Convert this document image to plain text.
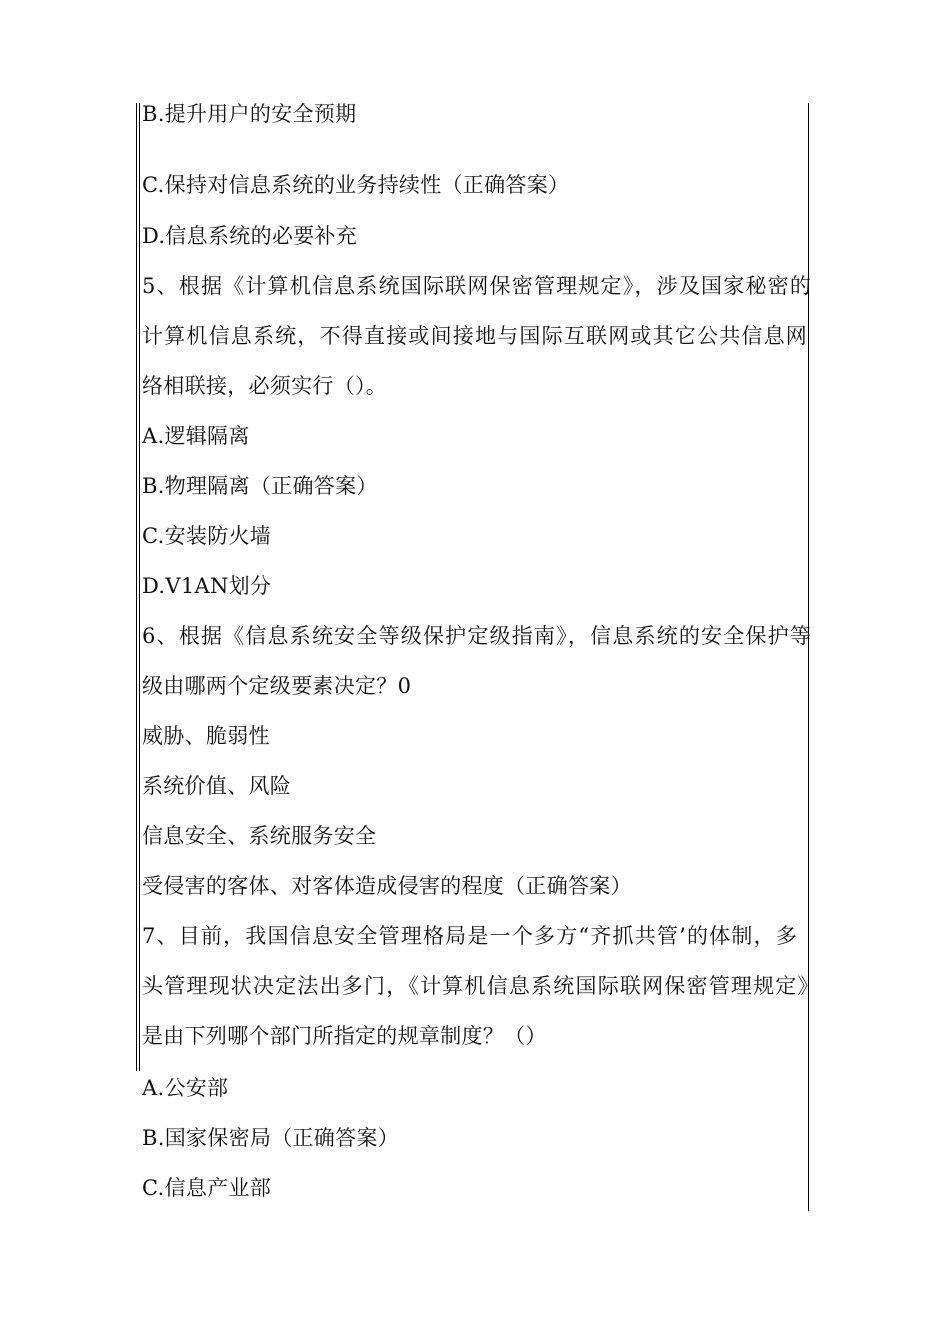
B.提升用户的安全预期
C.保持对信息系统的业务持续性（正确答案）
D.信息系统的必要补充
5、根据《计算机信息系统国际联网保密管理规定》，涉及国家秘密的
计算机信息系统，不得直接或间接地与国际互联网或其它公共信息网
络相联接，必须实行（）。
A.逻辑隔离
B.物理隔离（正确答案）
C.安装防火墙
D.V1AN划分
6、根据《信息系统安全等级保护定级指南》，信息系统的安全保护等
级由哪两个定级要素决定？0
威胁、脆弱性
系统价值、风险
信息安全、系统服务安全
受侵害的客体、对客体造成侵害的程度（正确答案）
7、目前，我国信息安全管理格局是一个多方“齐抓共管’的体制，多
头管理现状决定法出多门，《计算机信息系统国际联网保密管理规定》
是由下列哪个部门所指定的规章制度？（）
A.公安部
B.国家保密局（正确答案）
C.信息产业部
